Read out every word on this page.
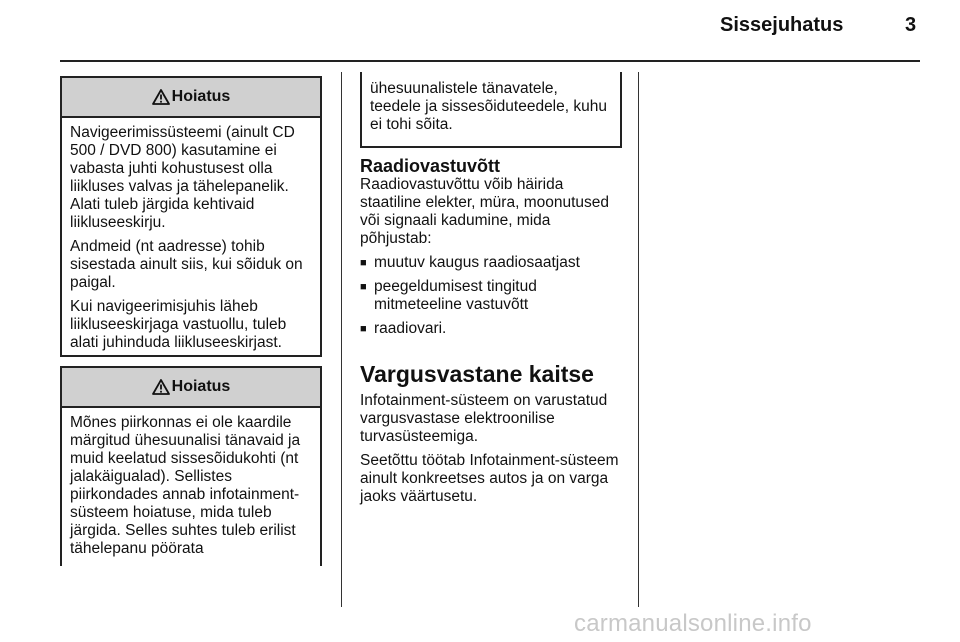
Sissejuhatus	3
Hoiatus

Navigeerimissüsteemi (ainult CD 500 / DVD 800) kasutamine ei vabasta juhti kohustusest olla liikluses valvas ja tähelepanelik. Alati tuleb järgida kehtivaid liikluseeskirju.

Andmeid (nt aadresse) tohib sisestada ainult siis, kui sõiduk on paigal.

Kui navigeerimisjuhis läheb liikluseeskirjaga vastuollu, tuleb alati juhinduda liikluseeskirjast.

Hoiatus

Mõnes piirkonnas ei ole kaardile märgitud ühesuunalisi tänavaid ja muid keelatud sissesõidukohti (nt jalakäigualad). Sellistes piirkondades annab infotainment-süsteem hoiatuse, mida tuleb järgida. Selles suhtes tuleb erilist tähelepanu pöörata

ühesuunalistele tänavatele, teedele ja sissesõiduteedele, kuhu ei tohi sõita.

Raadiovastuvõtt

Raadiovastuvõttu võib häirida staatiline elekter, müra, moonutused või signaali kadumine, mida põhjustab:

■ muutuv kaugus raadiosaatjast
■ peegeldumisest tingitud mitmeteeline vastuvõtt
■ raadiovari.
Vargusvastane kaitse

Infotainment-süsteem on varustatud vargusvastase elektroonilise turvasüsteemiga.

Seetõttu töötab Infotainment-süsteem ainult konkreetses autos ja on varga jaoks väärtusetu.

carmanualsonline.info
